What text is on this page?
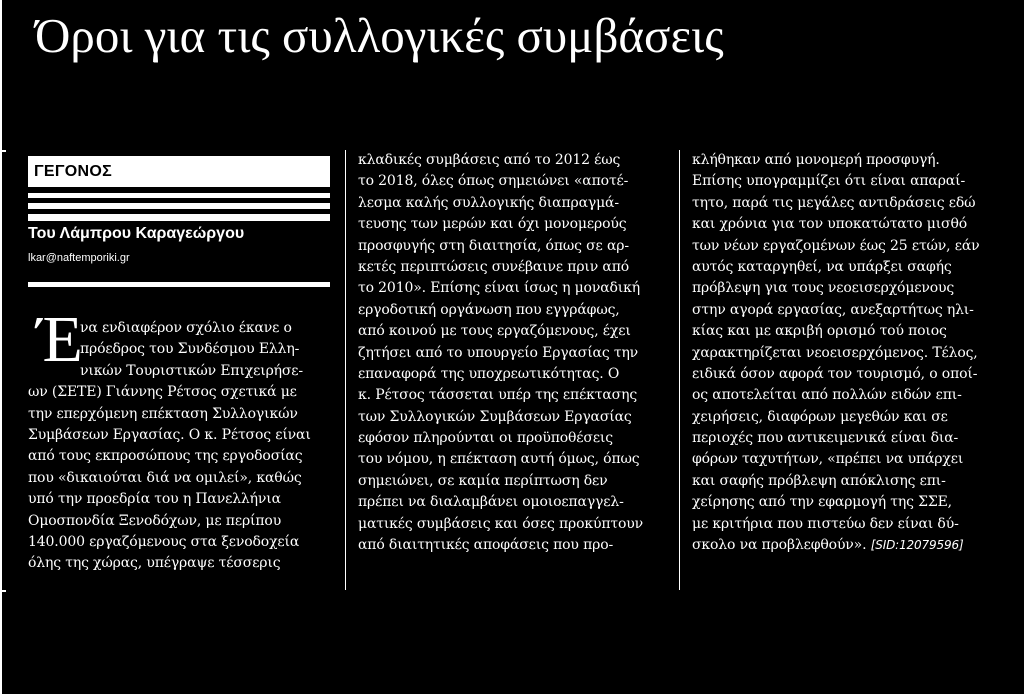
Όροι για τις συλλογικές συμβάσεις
ΓΕΓΟΝΟΣ
Του Λάμπρου Καραγεώργου
lkar@naftemporiki.gr
Έ
να ενδιαφέρον σχόλιο έκανε ο
πρόεδρος του Συνδέσμου Ελλη-
νικών Τουριστικών Επιχειρήσε-
ων (ΣΕΤΕ) Γιάννης Ρέτσος σχετικά με
την επερχόμενη επέκταση Συλλογικών
Συμβάσεων Εργασίας. Ο κ. Ρέτσος είναι
από τους εκπροσώπους της εργοδοσίας
που «δικαιούται διά να ομιλεί», καθώς
υπό την προεδρία του η Πανελλήνια
Ομοσπονδία Ξενοδόχων, με περίπου
140.000 εργαζόμενους στα ξενοδοχεία
όλης της χώρας, υπέγραψε τέσσερις
κλαδικές συμβάσεις από το 2012 έως
το 2018, όλες όπως σημειώνει «αποτέ-
λεσμα καλής συλλογικής διαπραγμά-
τευσης των μερών και όχι μονομερούς
προσφυγής στη διαιτησία, όπως σε αρ-
κετές περιπτώσεις συνέβαινε πριν από
το 2010». Επίσης είναι ίσως η μοναδική
εργοδοτική οργάνωση που εγγράφως,
από κοινού με τους εργαζόμενους, έχει
ζητήσει από το υπουργείο Εργασίας την
επαναφορά της υποχρεωτικότητας. Ο
κ. Ρέτσος τάσσεται υπέρ της επέκτασης
των Συλλογικών Συμβάσεων Εργασίας
εφόσον πληρούνται οι προϋποθέσεις
του νόμου, η επέκταση αυτή όμως, όπως
σημειώνει, σε καμία περίπτωση δεν
πρέπει να διαλαμβάνει ομοιοεπαγγελ-
ματικές συμβάσεις και όσες προκύπτουν
από διαιτητικές αποφάσεις που προ-
κλήθηκαν από μονομερή προσφυγή.
Επίσης υπογραμμίζει ότι είναι απαραί-
τητο, παρά τις μεγάλες αντιδράσεις εδώ
και χρόνια για τον υποκατώτατο μισθό
των νέων εργαζομένων έως 25 ετών, εάν
αυτός καταργηθεί, να υπάρξει σαφής
πρόβλεψη για τους νεοεισερχόμενους
στην αγορά εργασίας, ανεξαρτήτως ηλι-
κίας και με ακριβή ορισμό τού ποιος
χαρακτηρίζεται νεοεισερχόμενος. Τέλος,
ειδικά όσον αφορά τον τουρισμό, ο οποί-
ος αποτελείται από πολλών ειδών επι-
χειρήσεις, διαφόρων μεγεθών και σε
περιοχές που αντικειμενικά είναι δια-
φόρων ταχυτήτων, «πρέπει να υπάρχει
και σαφής πρόβλεψη απόκλισης επι-
χείρησης από την εφαρμογή της ΣΣΕ,
με κριτήρια που πιστεύω δεν είναι δύ-
σκολο να προβλεφθούν». [SID:12079596]
